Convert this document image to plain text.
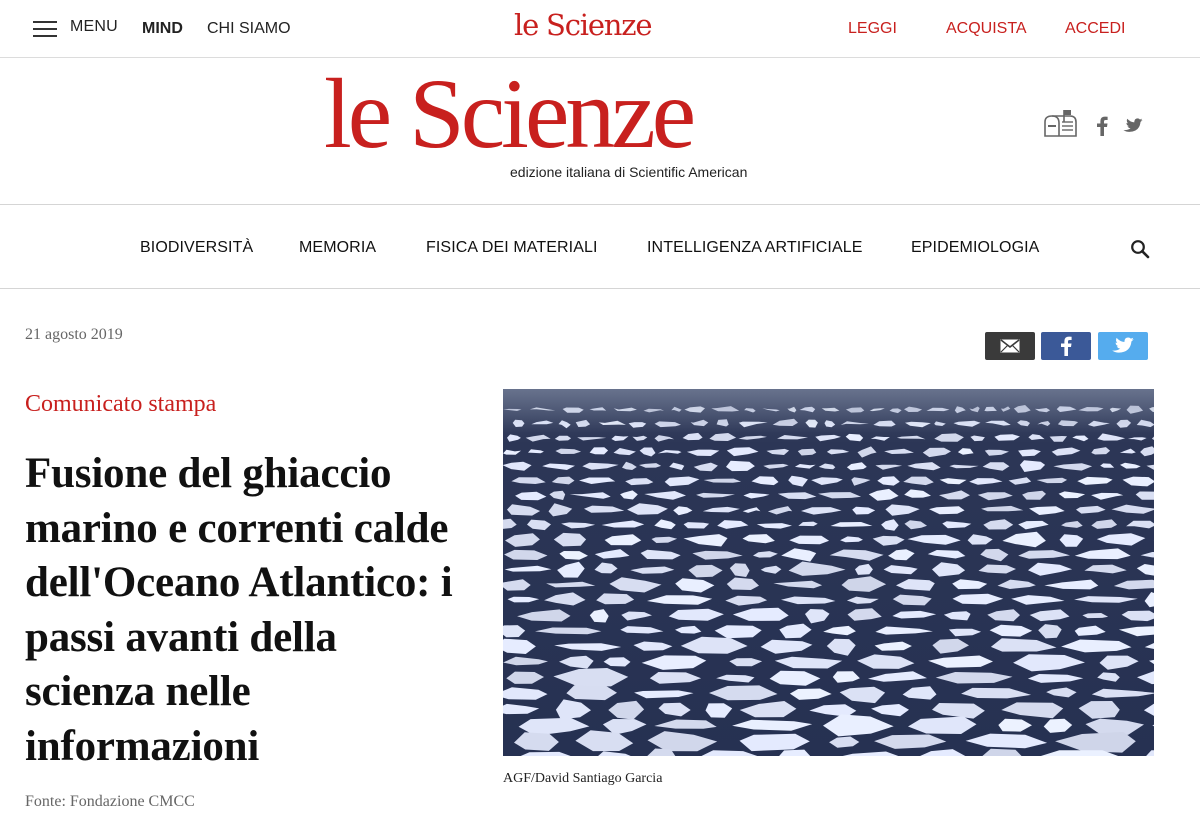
MENU MIND CHI SIAMO	le Scienze	LEGGI	ACQUISTA ACCEDI
le Scienze
edizione italiana di Scientific American
BIODIVERSITÀ	MEMORIA	FISICA DEI MATERIALI	INTELLIGENZA ARTIFICIALE	EPIDEMIOLOGIA
21 agosto 2019
Comunicato stampa
Fusione del ghiaccio marino e correnti calde dell'Oceano Atlantico: i passi avanti della scienza nelle informazioni
Fonte: Fondazione CMCC
AGF/David Santiago Garcia
